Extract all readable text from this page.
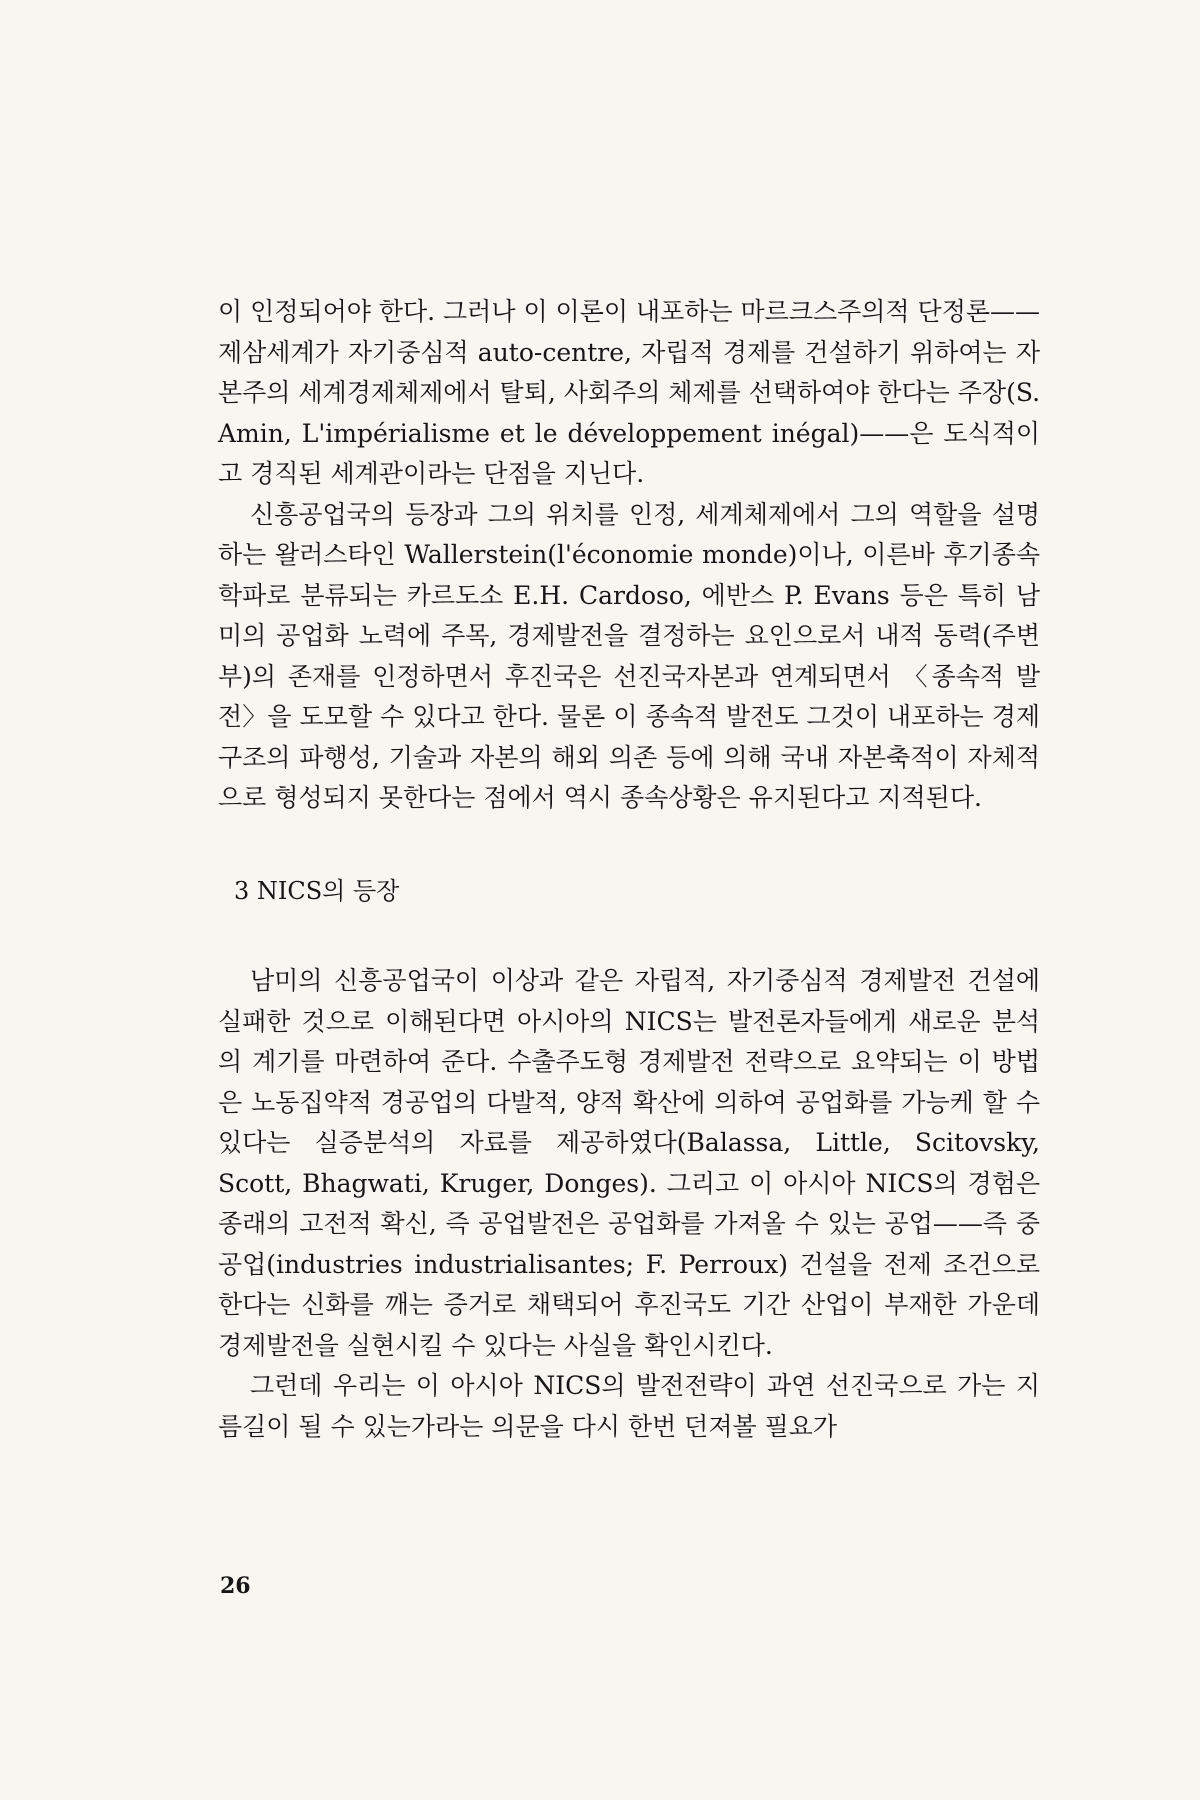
이 인정되어야 한다. 그러나 이 이론이 내포하는 마르크스주의적 단정론——제삼세계가 자기중심적 auto-centre, 자립적 경제를 건설하기 위하여는 자본주의 세계경제체제에서 탈퇴, 사회주의 체제를 선택하여야 한다는 주장(S. Amin, L'impérialisme et le développement inégal)——은 도식적이고 경직된 세계관이라는 단점을 지닌다.

신흥공업국의 등장과 그의 위치를 인정, 세계체제에서 그의 역할을 설명하는 왈러스타인 Wallerstein(l'économie monde)이나, 이른바 후기종속학파로 분류되는 카르도소 E.H. Cardoso, 에반스 P. Evans 등은 특히 남미의 공업화 노력에 주목, 경제발전을 결정하는 요인으로서 내적 동력(주변부)의 존재를 인정하면서 후진국은 선진국자본과 연계되면서 〈종속적 발전〉을 도모할 수 있다고 한다. 물론 이 종속적 발전도 그것이 내포하는 경제구조의 파행성, 기술과 자본의 해외 의존 등에 의해 국내 자본축적이 자체적으로 형성되지 못한다는 점에서 역시 종속상황은 유지된다고 지적된다.

3 NICS의 등장

남미의 신흥공업국이 이상과 같은 자립적, 자기중심적 경제발전 건설에 실패한 것으로 이해된다면 아시아의 NICS는 발전론자들에게 새로운 분석의 계기를 마련하여 준다. 수출주도형 경제발전 전략으로 요약되는 이 방법은 노동집약적 경공업의 다발적, 양적 확산에 의하여 공업화를 가능케 할 수 있다는 실증분석의 자료를 제공하였다(Balassa, Little, Scitovsky, Scott, Bhagwati, Kruger, Donges). 그리고 이 아시아 NICS의 경험은 종래의 고전적 확신, 즉 공업발전은 공업화를 가져올 수 있는 공업——즉 중공업(industries industrialisantes; F. Perroux) 건설을 전제 조건으로 한다는 신화를 깨는 증거로 채택되어 후진국도 기간 산업이 부재한 가운데 경제발전을 실현시킬 수 있다는 사실을 확인시킨다.

그런데 우리는 이 아시아 NICS의 발전전략이 과연 선진국으로 가는 지름길이 될 수 있는가라는 의문을 다시 한번 던져볼 필요가

26
